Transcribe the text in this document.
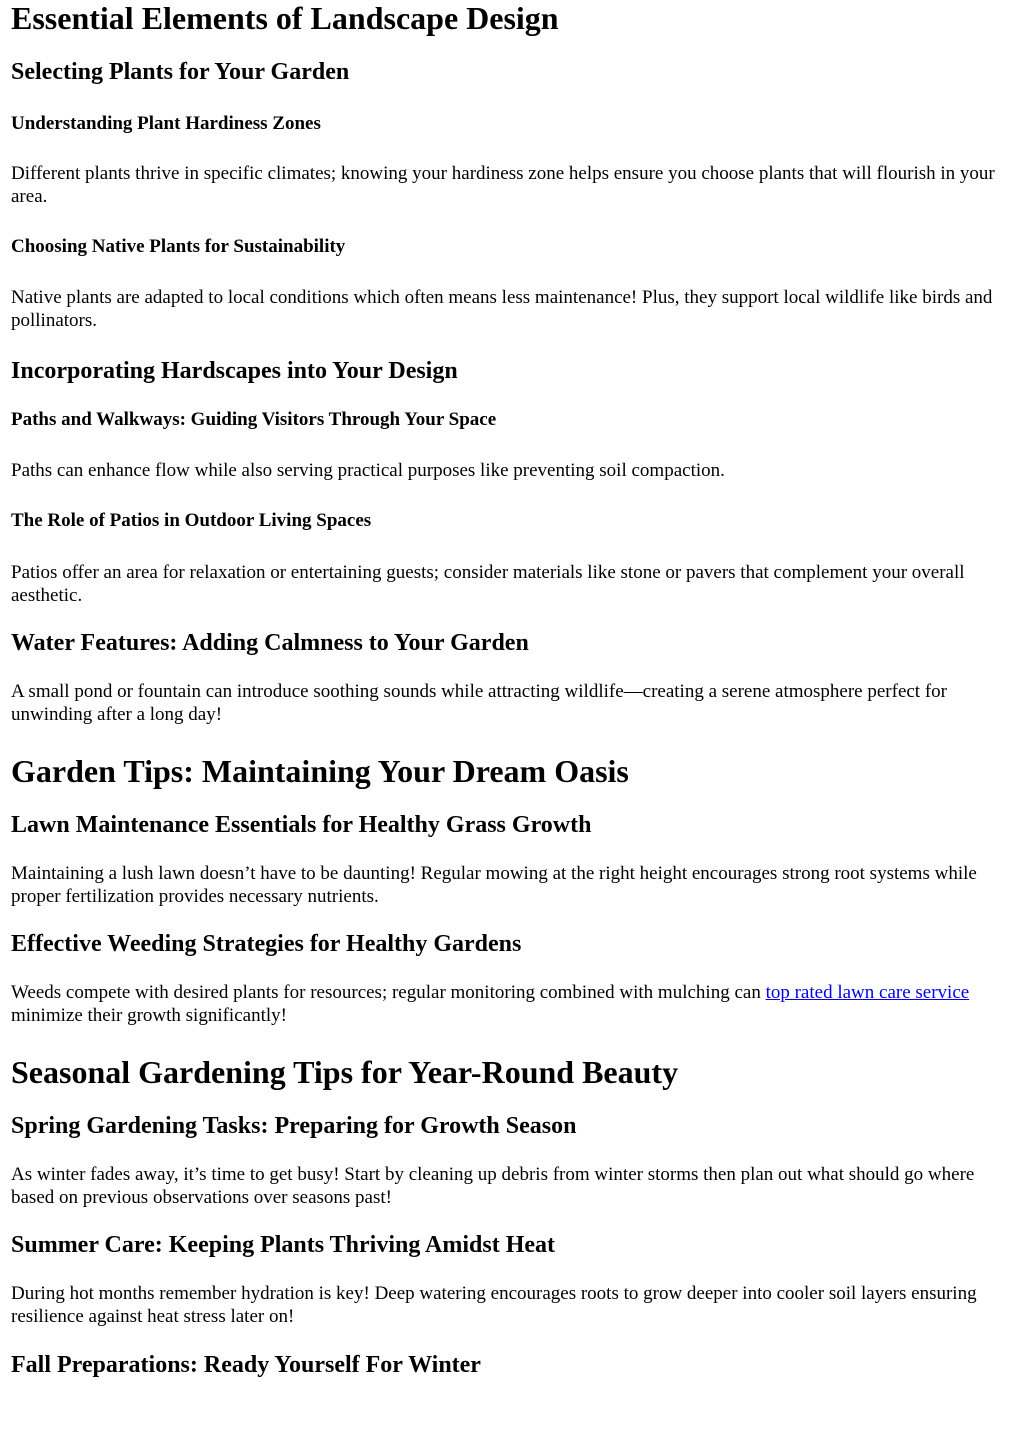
Essential Elements of Landscape Design
Selecting Plants for Your Garden
Understanding Plant Hardiness Zones

Different plants thrive in specific climates; knowing your hardiness zone helps ensure you choose plants that will flourish in your area.

Choosing Native Plants for Sustainability

Native plants are adapted to local conditions which often means less maintenance! Plus, they support local wildlife like birds and pollinators.

Incorporating Hardscapes into Your Design
Paths and Walkways: Guiding Visitors Through Your Space

Paths can enhance flow while also serving practical purposes like preventing soil compaction.

The Role of Patios in Outdoor Living Spaces

Patios offer an area for relaxation or entertaining guests; consider materials like stone or pavers that complement your overall aesthetic.

Water Features: Adding Calmness to Your Garden

A small pond or fountain can introduce soothing sounds while attracting wildlife—creating a serene atmosphere perfect for unwinding after a long day!

Garden Tips: Maintaining Your Dream Oasis
Lawn Maintenance Essentials for Healthy Grass Growth

Maintaining a lush lawn doesn’t have to be daunting! Regular mowing at the right height encourages strong root systems while proper fertilization provides necessary nutrients.

Effective Weeding Strategies for Healthy Gardens

Weeds compete with desired plants for resources; regular monitoring combined with mulching can top rated lawn care service minimize their growth significantly!

Seasonal Gardening Tips for Year-Round Beauty
Spring Gardening Tasks: Preparing for Growth Season

As winter fades away, it’s time to get busy! Start by cleaning up debris from winter storms then plan out what should go where based on previous observations over seasons past!

Summer Care: Keeping Plants Thriving Amidst Heat

During hot months remember hydration is key! Deep watering encourages roots to grow deeper into cooler soil layers ensuring resilience against heat stress later on!

Fall Preparations: Ready Yourself For Winter
